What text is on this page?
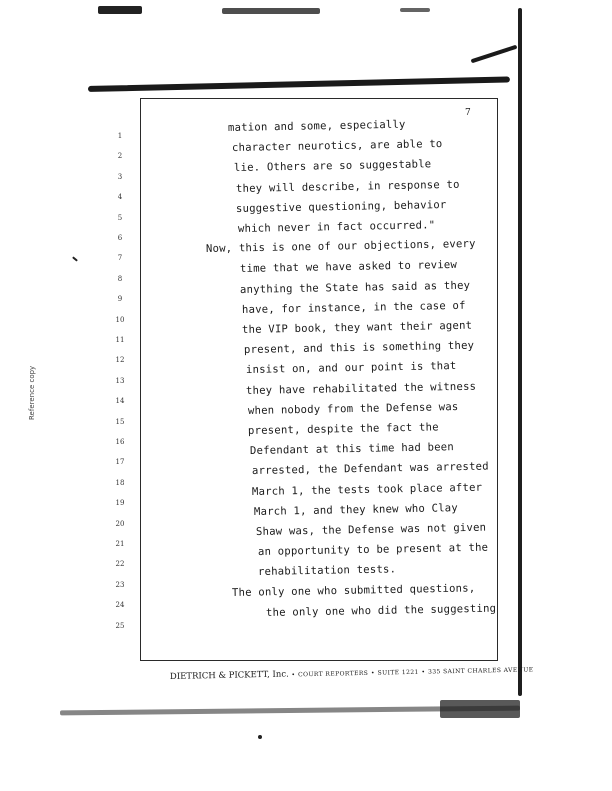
7
Reference copy
1
2
3
4
5
6
7
8
9
10
11
12
13
14
15
16
17
18
19
20
21
22
23
24
25
mation and some, especially
character neurotics, are able to
lie. Others are so suggestable
they will describe, in response to
suggestive questioning, behavior
which never in fact occurred."
Now, this is one of our objections, every
time that we have asked to review
anything the State has said as they
have, for instance, in the case of
the VIP book, they want their agent
present, and this is something they
insist on, and our point is that
they have rehabilitated the witness
when nobody from the Defense was
present, despite the fact the
Defendant at this time had been
arrested, the Defendant was arrested
March 1, the tests took place after
March 1, and they knew who Clay
Shaw was, the Defense was not given
an opportunity to be present at the
rehabilitation tests.
The only one who submitted questions,
the only one who did the suggesting
DIETRICH & PICKETT, Inc. • COURT REPORTERS • SUITE 1221 • 335 SAINT CHARLES AVENUE
